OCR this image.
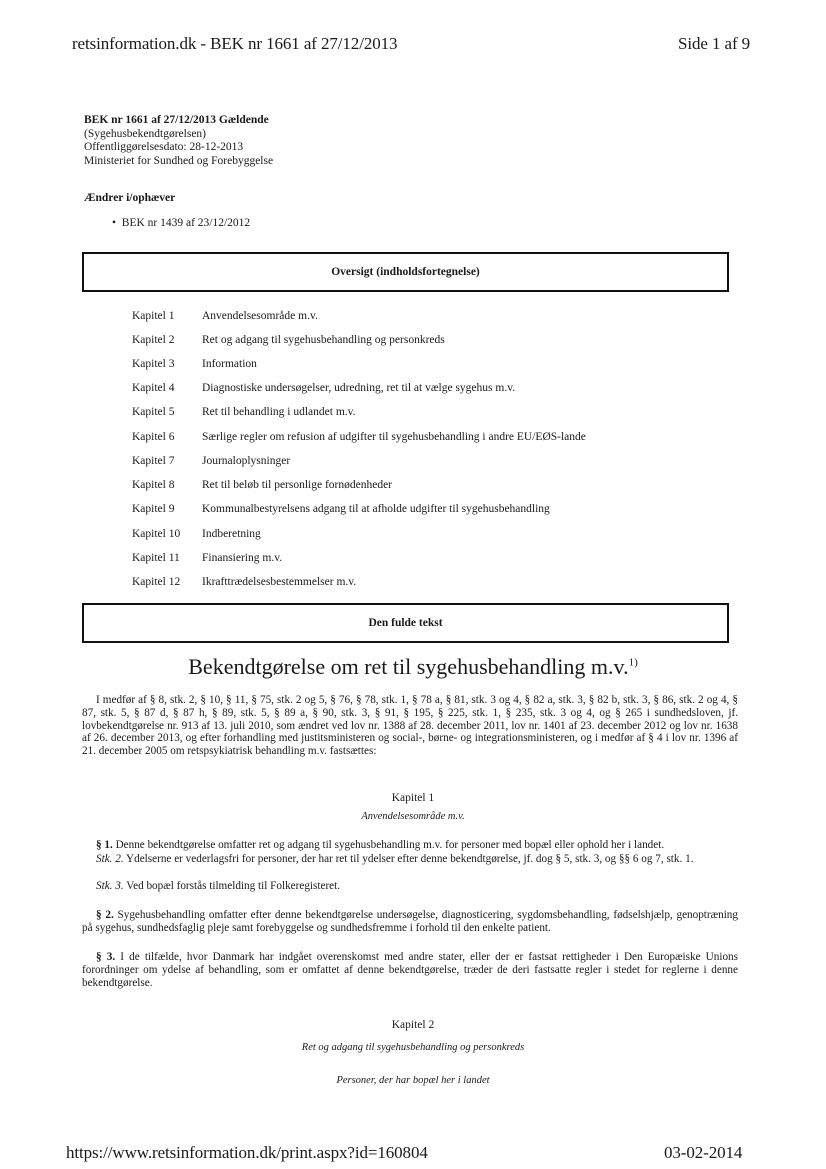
retsinformation.dk - BEK nr 1661 af 27/12/2013	Side 1 af 9
BEK nr 1661 af 27/12/2013 Gældende
(Sygehusbekendtgørelsen)
Offentliggørelsesdato: 28-12-2013
Ministeriet for Sundhed og Forebyggelse
Ændrer i/ophæver
•  BEK nr 1439 af 23/12/2012
Oversigt (indholdsfortegnelse)
Kapitel 1	Anvendelsesområde m.v.
Kapitel 2	Ret og adgang til sygehusbehandling og personkreds
Kapitel 3	Information
Kapitel 4	Diagnostiske undersøgelser, udredning, ret til at vælge sygehus m.v.
Kapitel 5	Ret til behandling i udlandet m.v.
Kapitel 6	Særlige regler om refusion af udgifter til sygehusbehandling i andre EU/EØS-lande
Kapitel 7	Journaloplysninger
Kapitel 8	Ret til beløb til personlige fornødenheder
Kapitel 9	Kommunalbestyrelsens adgang til at afholde udgifter til sygehusbehandling
Kapitel 10	Indberetning
Kapitel 11	Finansiering m.v.
Kapitel 12	Ikrafttrædelsesbestemmelser m.v.
Den fulde tekst
Bekendtgørelse om ret til sygehusbehandling m.v.$^{1)}$
I medfør af § 8, stk. 2, § 10, § 11, § 75, stk. 2 og 5, § 76, § 78, stk. 1, § 78 a, § 81, stk. 3 og 4, § 82 a, stk. 3, § 82 b, stk. 3, § 86, stk. 2 og 4, § 87, stk. 5, § 87 d, § 87 h, § 89, stk. 5, § 89 a, § 90, stk. 3, § 91, § 195, § 225, stk. 1, § 235, stk. 3 og 4, og § 265 i sundhedsloven, jf. lovbekendtgørelse nr. 913 af 13. juli 2010, som ændret ved lov nr. 1388 af 28. december 2011, lov nr. 1401 af 23. december 2012 og lov nr. 1638 af 26. december 2013, og efter forhandling med justitsministeren og social-, børne- og integrationsministeren, og i medfør af § 4 i lov nr. 1396 af 21. december 2005 om retspsykiatrisk behandling m.v. fastsættes:
Kapitel 1
Anvendelsesområde m.v.
§ 1. Denne bekendtgørelse omfatter ret og adgang til sygehusbehandling m.v. for personer med bopæl eller ophold her i landet.
Stk. 2. Ydelserne er vederlagsfri for personer, der har ret til ydelser efter denne bekendtgørelse, jf. dog § 5, stk. 3, og §§ 6 og 7, stk. 1.
Stk. 3. Ved bopæl forstås tilmelding til Folkeregisteret.
§ 2. Sygehusbehandling omfatter efter denne bekendtgørelse undersøgelse, diagnosticering, sygdomsbehandling, fødselshjælp, genoptræning på sygehus, sundhedsfaglig pleje samt forebyggelse og sundhedsfremme i forhold til den enkelte patient.
§ 3. I de tilfælde, hvor Danmark har indgået overenskomst med andre stater, eller der er fastsat rettigheder i Den Europæiske Unions forordninger om ydelse af behandling, som er omfattet af denne bekendtgørelse, træder de deri fastsatte regler i stedet for reglerne i denne bekendtgørelse.
Kapitel 2
Ret og adgang til sygehusbehandling og personkreds
Personer, der har bopæl her i landet
https://www.retsinformation.dk/print.aspx?id=160804	03-02-2014
